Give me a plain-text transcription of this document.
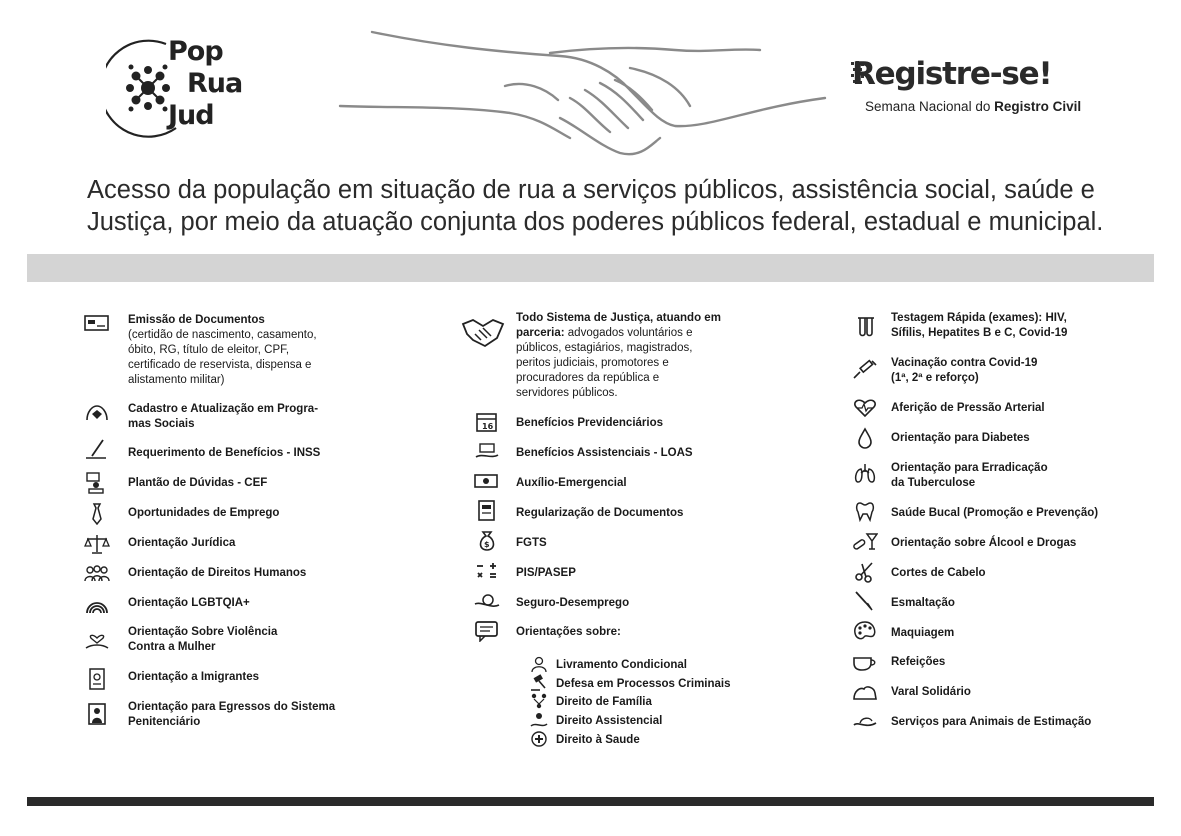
Pop
Rua
Jud
Registre-se!
Semana Nacional do Registro Civil
Acesso da população em situação de rua a serviços públicos, assistência social, saúde e Justiça, por meio da atuação conjunta dos poderes públicos federal, estadual e municipal.
Emissão de Documentos
(certidão de nascimento, casamento,
óbito, RG, título de eleitor, CPF,
certificado de reservista, dispensa e
alistamento militar)
Cadastro e Atualização em Progra-
mas Sociais
Requerimento de Benefícios - INSS
Plantão de Dúvidas - CEF
Oportunidades de Emprego
Orientação Jurídica
Orientação de Direitos Humanos
Orientação LGBTQIA+
Orientação Sobre Violência
Contra a Mulher
Orientação a Imigrantes
Orientação para Egressos do Sistema
Penitenciário
Todo Sistema de Justiça, atuando em
parceria: advogados voluntários e
públicos, estagiários, magistrados,
peritos judiciais, promotores e
procuradores da república e
servidores públicos.
16 Benefícios Previdenciários
Benefícios Assistenciais - LOAS
Auxílio-Emergencial
Regularização de Documentos
$ FGTS
PIS/PASEP
Seguro-Desemprego
Orientações sobre:
Livramento Condicional
Defesa em Processos Criminais
Direito de Família
Direito Assistencial
Direito à Saude
Testagem Rápida (exames): HIV,
Sífilis, Hepatites B e C, Covid-19
Vacinação contra Covid-19
(1ª, 2ª e reforço)
Aferição de Pressão Arterial
Orientação para Diabetes
Orientação para Erradicação
da Tuberculose
Saúde Bucal (Promoção e Prevenção)
Orientação sobre Álcool e Drogas
Cortes de Cabelo
Esmaltação
Maquiagem
Refeições
Varal Solidário
Serviços para Animais de Estimação
